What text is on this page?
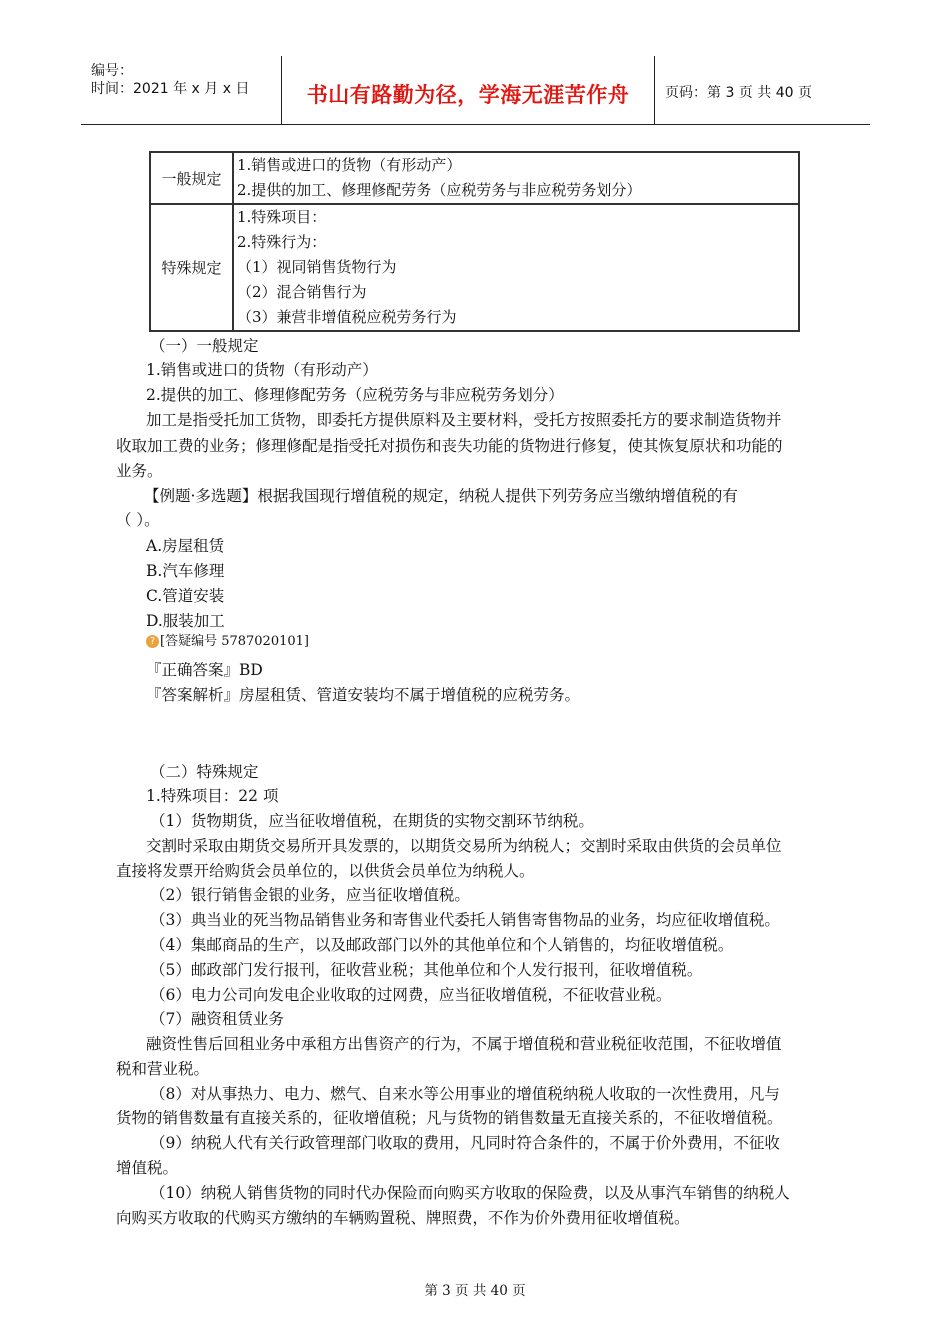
编号：
时间：2021 年 x 月 x 日	书山有路勤为径，学海无涯苦作舟	页码：第 3 页 共 40 页
一般规定
1.销售或进口的货物（有形动产）
2.提供的加工、修理修配劳务（应税劳务与非应税劳务划分）
特殊规定
1.特殊项目：
2.特殊行为：
（1）视同销售货物行为
（2）混合销售行为
（3）兼营非增值税应税劳务行为
（一）一般规定
1.销售或进口的货物（有形动产）
2.提供的加工、修理修配劳务（应税劳务与非应税劳务划分）
加工是指受托加工货物，即委托方提供原料及主要材料，受托方按照委托方的要求制造货物并
收取加工费的业务；修理修配是指受托对损伤和丧失功能的货物进行修复，使其恢复原状和功能的
业务。
【例题·多选题】根据我国现行增值税的规定，纳税人提供下列劳务应当缴纳增值税的有
（ ）。
A.房屋租赁
B.汽车修理
C.管道安装
D.服装加工
? [答疑编号 5787020101]
『正确答案』BD
『答案解析』房屋租赁、管道安装均不属于增值税的应税劳务。
（二）特殊规定
1.特殊项目：22 项
（1）货物期货，应当征收增值税，在期货的实物交割环节纳税。
交割时采取由期货交易所开具发票的，以期货交易所为纳税人；交割时采取由供货的会员单位
直接将发票开给购货会员单位的，以供货会员单位为纳税人。
（2）银行销售金银的业务，应当征收增值税。
（3）典当业的死当物品销售业务和寄售业代委托人销售寄售物品的业务，均应征收增值税。
（4）集邮商品的生产，以及邮政部门以外的其他单位和个人销售的，均征收增值税。
（5）邮政部门发行报刊，征收营业税；其他单位和个人发行报刊，征收增值税。
（6）电力公司向发电企业收取的过网费，应当征收增值税，不征收营业税。
（7）融资租赁业务
融资性售后回租业务中承租方出售资产的行为，不属于增值税和营业税征收范围，不征收增值
税和营业税。
（8）对从事热力、电力、燃气、自来水等公用事业的增值税纳税人收取的一次性费用，凡与
货物的销售数量有直接关系的，征收增值税；凡与货物的销售数量无直接关系的，不征收增值税。
（9）纳税人代有关行政管理部门收取的费用，凡同时符合条件的，不属于价外费用，不征收
增值税。
（10）纳税人销售货物的同时代办保险而向购买方收取的保险费，以及从事汽车销售的纳税人
向购买方收取的代购买方缴纳的车辆购置税、牌照费，不作为价外费用征收增值税。
第 3 页 共 40 页
